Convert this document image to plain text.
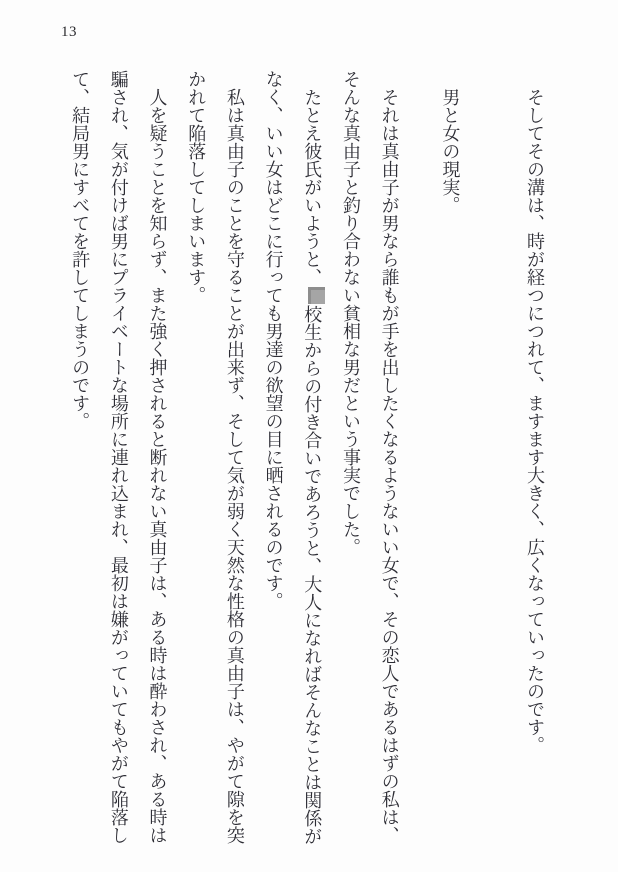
13

そしてその溝は、時が経つにつれて、ますます大きく、広くなっていったのです。

男と女の現実。

それは真由子が男なら誰もが手を出したくなるようないい女で、その恋人であるはずの私は、そんな真由子と釣り合わない貧相な男だという事実でした。

たとえ彼氏がいようと、校生からの付き合いであろうと、大人になればそんなことは関係がなく、いい女はどこに行っても男達の欲望の目に晒されるのです。

私は真由子のことを守ることが出来ず、そして気が弱く天然な性格の真由子は、やがて隙を突かれて陥落してしまいます。

人を疑うことを知らず、また強く押されると断れない真由子は、ある時は酔わされ、ある時は騙され、気が付けば男にプライベートな場所に連れ込まれ、最初は嫌がっていてもやがて陥落して、結局男にすべてを許してしまうのです。
